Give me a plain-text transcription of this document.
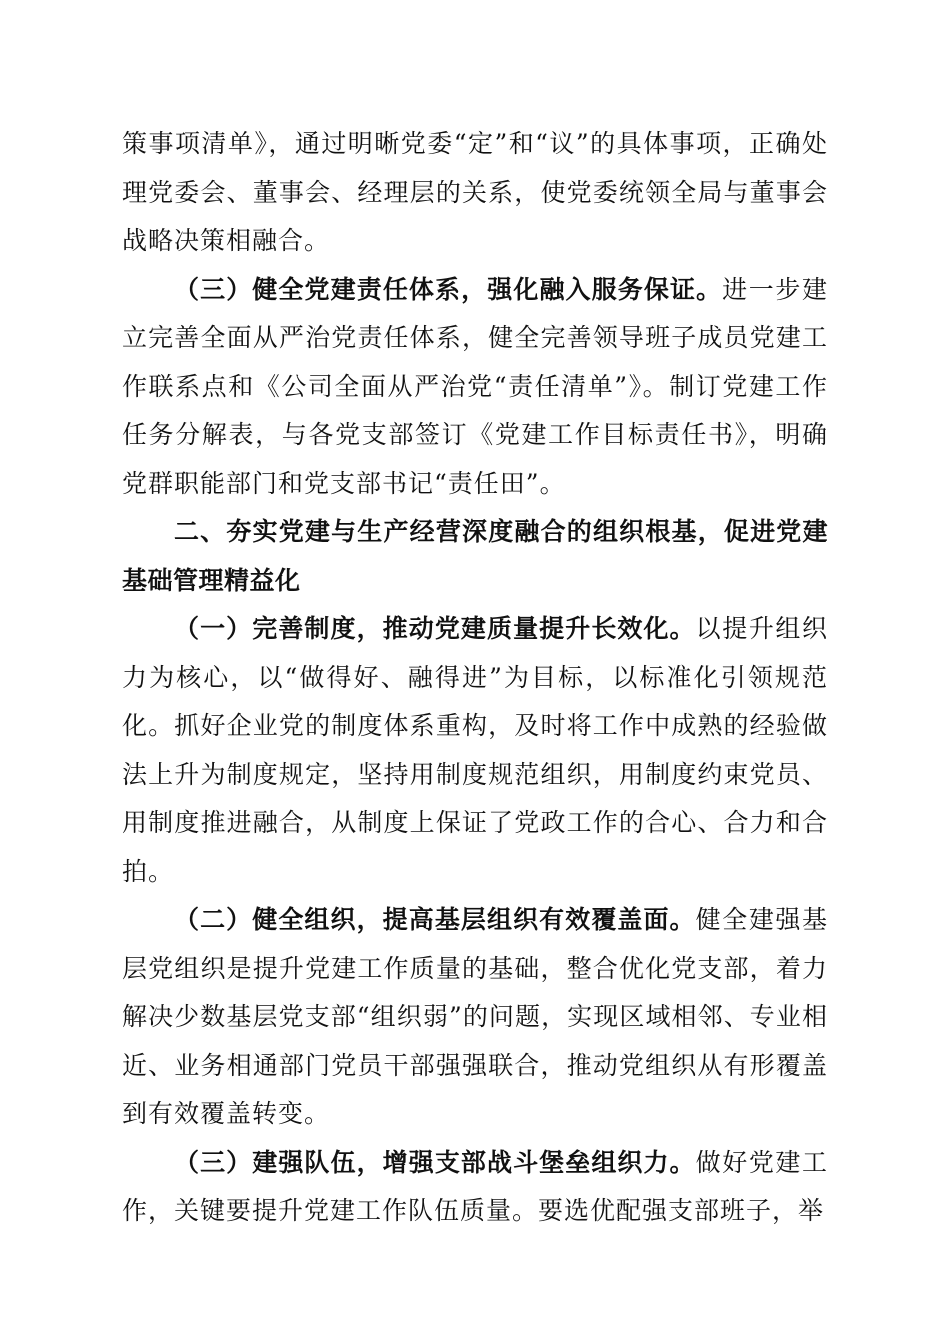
策事项清单》，通过明晰党委“定”和“议”的具体事项，正确处理党委会、董事会、经理层的关系，使党委统领全局与董事会战略决策相融合。

（三）健全党建责任体系，强化融入服务保证。进一步建立完善全面从严治党责任体系，健全完善领导班子成员党建工作联系点和《公司全面从严治党“责任清单”》。制订党建工作任务分解表，与各党支部签订《党建工作目标责任书》，明确党群职能部门和党支部书记“责任田”。

二、夯实党建与生产经营深度融合的组织根基，促进党建基础管理精益化

（一）完善制度，推动党建质量提升长效化。以提升组织力为核心，以“做得好、融得进”为目标，以标准化引领规范化。抓好企业党的制度体系重构，及时将工作中成熟的经验做法上升为制度规定，坚持用制度规范组织，用制度约束党员、用制度推进融合，从制度上保证了党政工作的合心、合力和合拍。

（二）健全组织，提高基层组织有效覆盖面。健全建强基层党组织是提升党建工作质量的基础，整合优化党支部，着力解决少数基层党支部“组织弱”的问题，实现区域相邻、专业相近、业务相通部门党员干部强强联合，推动党组织从有形覆盖到有效覆盖转变。

（三）建强队伍，增强支部战斗堡垒组织力。做好党建工作，关键要提升党建工作队伍质量。要选优配强支部班子，举
